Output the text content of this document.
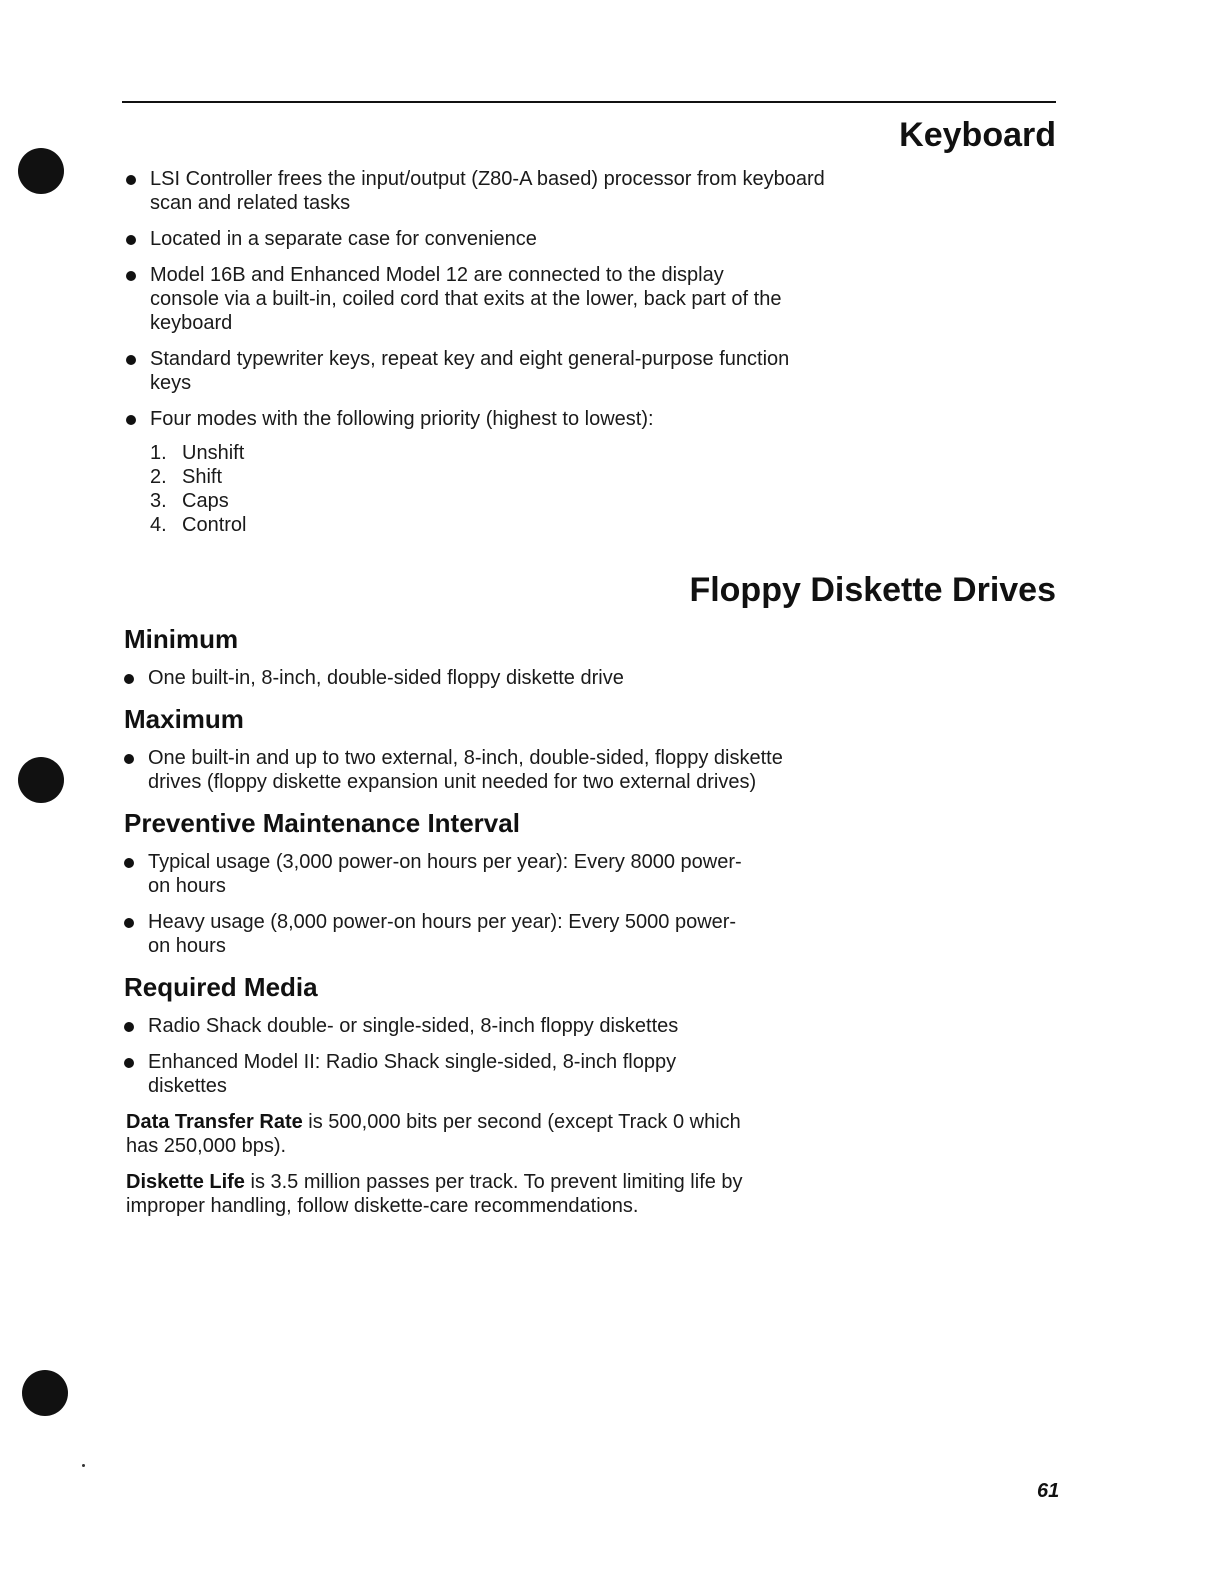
Keyboard
LSI Controller frees the input/output (Z80-A based) processor from keyboard scan and related tasks
Located in a separate case for convenience
Model 16B and Enhanced Model 12 are connected to the display console via a built-in, coiled cord that exits at the lower, back part of the keyboard
Standard typewriter keys, repeat key and eight general-purpose function keys
Four modes with the following priority (highest to lowest):
1. Unshift
2. Shift
3. Caps
4. Control
Floppy Diskette Drives
Minimum
One built-in, 8-inch, double-sided floppy diskette drive
Maximum
One built-in and up to two external, 8-inch, double-sided, floppy diskette drives (floppy diskette expansion unit needed for two external drives)
Preventive Maintenance Interval
Typical usage (3,000 power-on hours per year): Every 8000 power-on hours
Heavy usage (8,000 power-on hours per year): Every 5000 power-on hours
Required Media
Radio Shack double- or single-sided, 8-inch floppy diskettes
Enhanced Model II: Radio Shack single-sided, 8-inch floppy diskettes

Data Transfer Rate is 500,000 bits per second (except Track 0 which has 250,000 bps).

Diskette Life is 3.5 million passes per track. To prevent limiting life by improper handling, follow diskette-care recommendations.

61
